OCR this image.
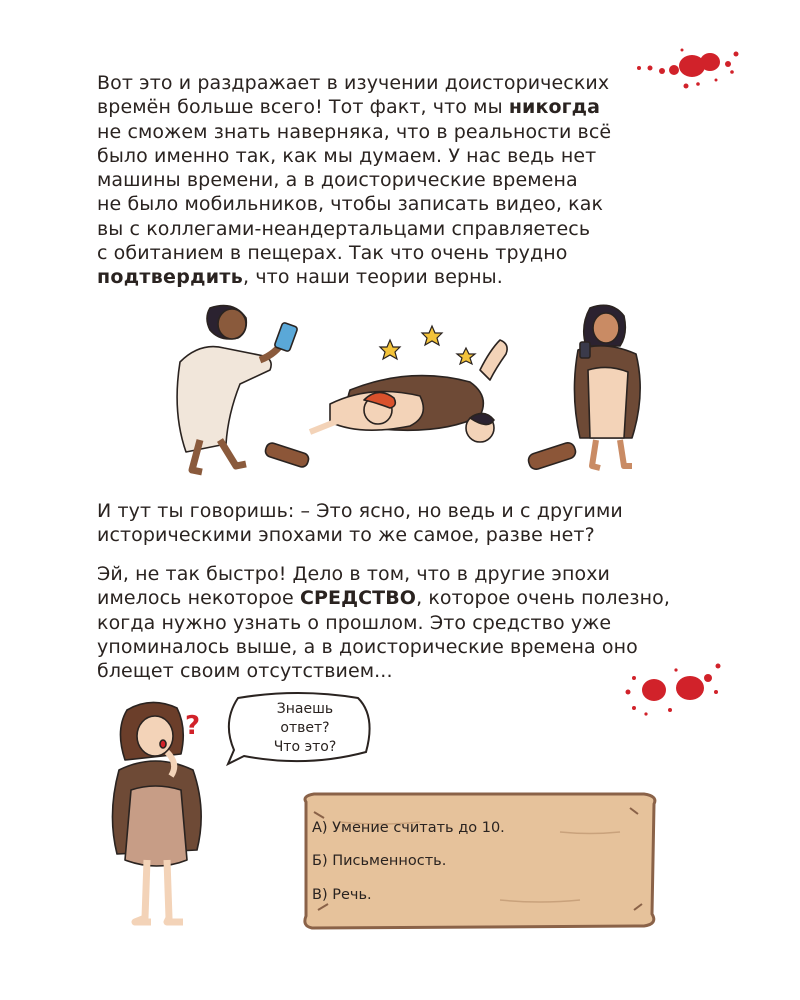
Вот это и раздражает в изучении доисторических
времён больше всего! Тот факт, что мы никогда
не сможем знать наверняка, что в реальности всё
было именно так, как мы думаем. У нас ведь нет
машины времени, а в доисторические времена
не было мобильников, чтобы записать видео, как
вы с коллегами-неандертальцами справляетесь
с обитанием в пещерах. Так что очень трудно
подтвердить, что наши теории верны.

И тут ты говоришь: – Это ясно, но ведь и с другими
историческими эпохами то же самое, разве нет?

Эй, не так быстро! Дело в том, что в другие эпохи
имелось некоторое СРЕДСТВО, которое очень полезно,
когда нужно узнать о прошлом. Это средство уже
упоминалось выше, а в доисторические времена оно
блещет своим отсутствием...

?
Знаешь
ответ?
Что это?
А) Умение считать до 10.
Б) Письменность.
В) Речь.
